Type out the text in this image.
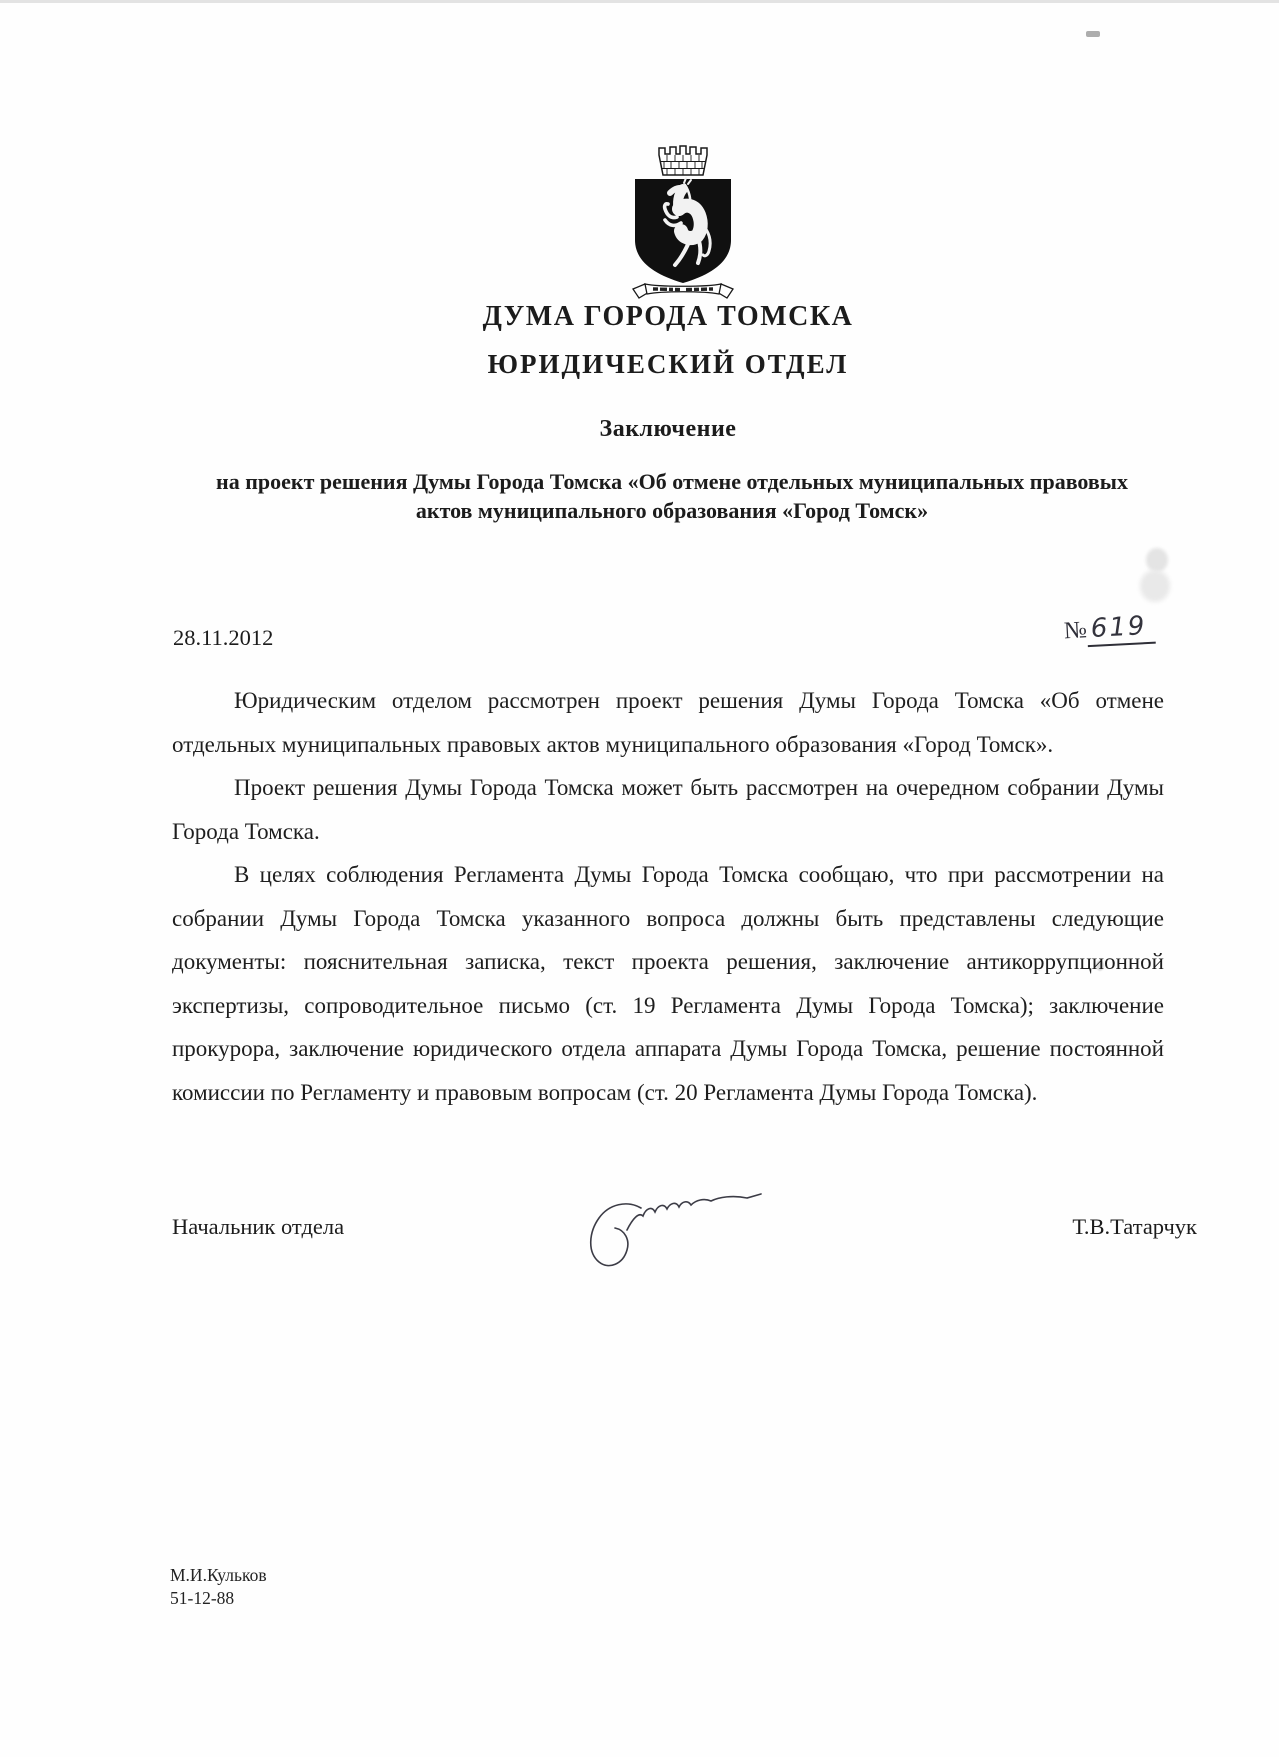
ДУМА ГОРОДА ТОМСКА
ЮРИДИЧЕСКИЙ ОТДЕЛ
Заключение
на проект решения Думы Города Томска «Об отмене отдельных муниципальных правовых актов муниципального образования «Город Томск»
28.11.2012	№619

Юридическим отделом рассмотрен проект решения Думы Города Томска «Об отмене отдельных муниципальных правовых актов муниципального образования «Город Томск».

Проект решения Думы Города Томска может быть рассмотрен на очередном собрании Думы Города Томска.

В целях соблюдения Регламента Думы Города Томска сообщаю, что при рассмотрении на собрании Думы Города Томска указанного вопроса должны быть представлены следующие документы: пояснительная записка, текст проекта решения, заключение антикоррупционной экспертизы, сопроводительное письмо (ст. 19 Регламента Думы Города Томска); заключение прокурора, заключение юридического отдела аппарата Думы Города Томска, решение постоянной комиссии по Регламенту и правовым вопросам (ст. 20 Регламента Думы Города Томска).

Начальник отдела	Т.В.Татарчук
М.И.Кульков
51-12-88
